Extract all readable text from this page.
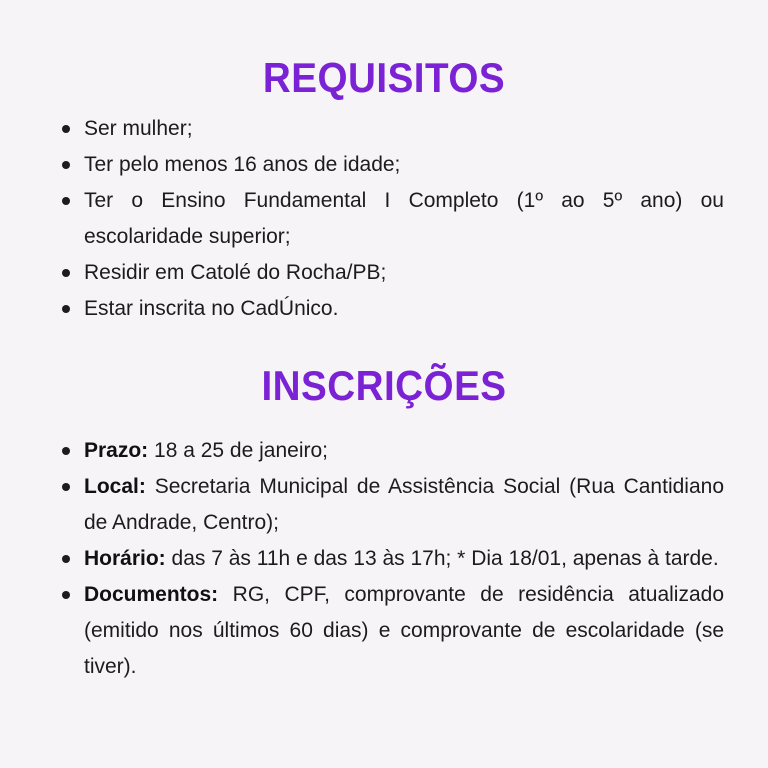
REQUISITOS
Ser mulher;
Ter pelo menos 16 anos de idade;
Ter o Ensino Fundamental I Completo (1º ao 5º ano) ou escolaridade superior;
Residir em Catolé do Rocha/PB;
Estar inscrita no CadÚnico.
INSCRIÇÕES
Prazo: 18 a 25 de janeiro;
Local: Secretaria Municipal de Assistência Social (Rua Cantidiano de Andrade, Centro);
Horário: das 7 às 11h e das 13 às 17h; * Dia 18/01, apenas à tarde.
Documentos: RG, CPF, comprovante de residência atualizado (emitido nos últimos 60 dias) e comprovante de escolaridade (se tiver).
